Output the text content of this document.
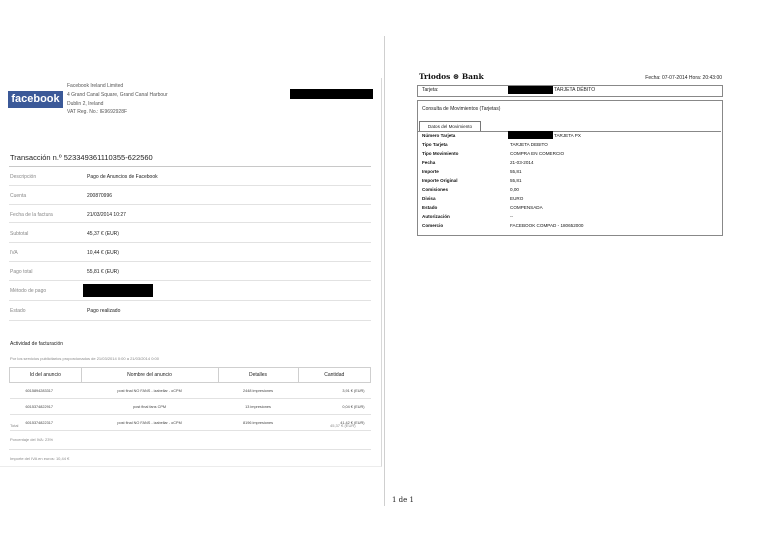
facebook
Facebook Ireland Limited
4 Grand Canal Square, Grand Canal Harbour
Dublin 2, Ireland
VAT Reg. No.: IE9692928F
Transacción n.º 523349361110355-622560
Descripción	Pago de Anuncios de Facebook
Cuenta	200870996
Fecha de la factura	21/03/2014 10:27
Subtotal	45,37 € (EUR)
IVA	10,44 € (EUR)
Pago total	55,81 € (EUR)
Método de pago
Estado	Pago realizado
Actividad de facturación
Por los servicios publicitarios proporcionados de 21/03/2014 0:00 a 21/03/2014 0:00
Id del anuncio	Nombre del anuncio	Detalles	Cantidad
6015894283317	post final NO FANS - izabellar - oCPM	2448 impresiones	3,91 € (EUR)
6015374822917	post final fans CPM	13 impresiones	0,04 € (EUR)
6015374822317	post final NO FANS - izabellar - oCPM	8196 impresiones	41,42 € (EUR)
Total	45,37 € (EUR)
Porcentaje del IVA: 23%
Importe del IVA en euros: 10,44 €
Triodos ⊛ Bank	Fecha: 07-07-2014 Hora: 20:43:00
Tarjeta:	TARJETA DÉBITO
Consulta de Movimientos (Tarjetas)
Datos del Movimiento
Número Tarjeta	TARJETA PX
Tipo Tarjeta	TARJETA DEBITO
Tipo Movimiento	COMPRA EN COMERCIO
Fecha	21-03-2014
Importe	55,81
Importe Original	55,81
Comisiones	0,00
Divisa	EURO
Estado	COMPENSADA
Autorización	--
Comercio	FACEBOOK COMPAD - 180652000
1 de 1
